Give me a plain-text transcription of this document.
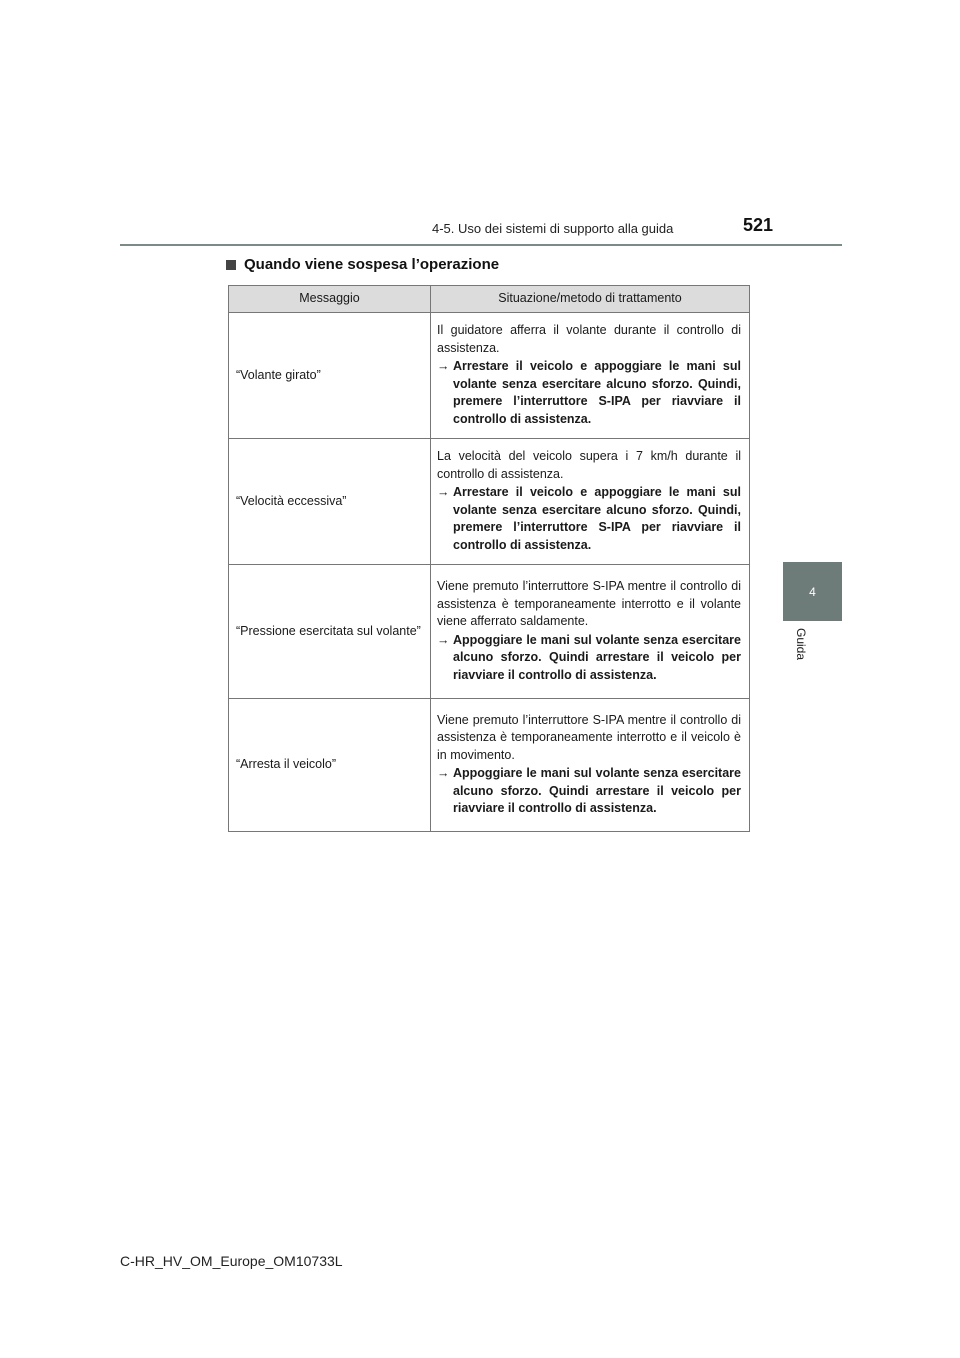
4-5. Uso dei sistemi di supporto alla guida	521
4
Guida
Quando viene sospesa l’operazione
Messaggio	Situazione/metodo di trattamento
“Volante girato”	Il guidatore afferra il volante durante il controllo di assistenza.
→ Arrestare il veicolo e appoggiare le mani sul volante senza esercitare alcuno sforzo. Quindi, premere l’interruttore S-IPA per riavviare il controllo di assistenza.

“Velocità eccessiva”	La velocità del veicolo supera i 7 km/h durante il controllo di assistenza.
→ Arrestare il veicolo e appoggiare le mani sul volante senza esercitare alcuno sforzo. Quindi, premere l’interruttore S-IPA per riavviare il controllo di assistenza.

“Pressione esercitata sul volante”	Viene premuto l’interruttore S-IPA mentre il controllo di assistenza è temporaneamente interrotto e il volante viene afferrato saldamente.
→ Appoggiare le mani sul volante senza esercitare alcuno sforzo. Quindi arrestare il veicolo per riavviare il controllo di assistenza.

“Arresta il veicolo”	Viene premuto l’interruttore S-IPA mentre il controllo di assistenza è temporaneamente interrotto e il veicolo è in movimento.
→ Appoggiare le mani sul volante senza esercitare alcuno sforzo. Quindi arrestare il veicolo per riavviare il controllo di assistenza.
C-HR_HV_OM_Europe_OM10733L
